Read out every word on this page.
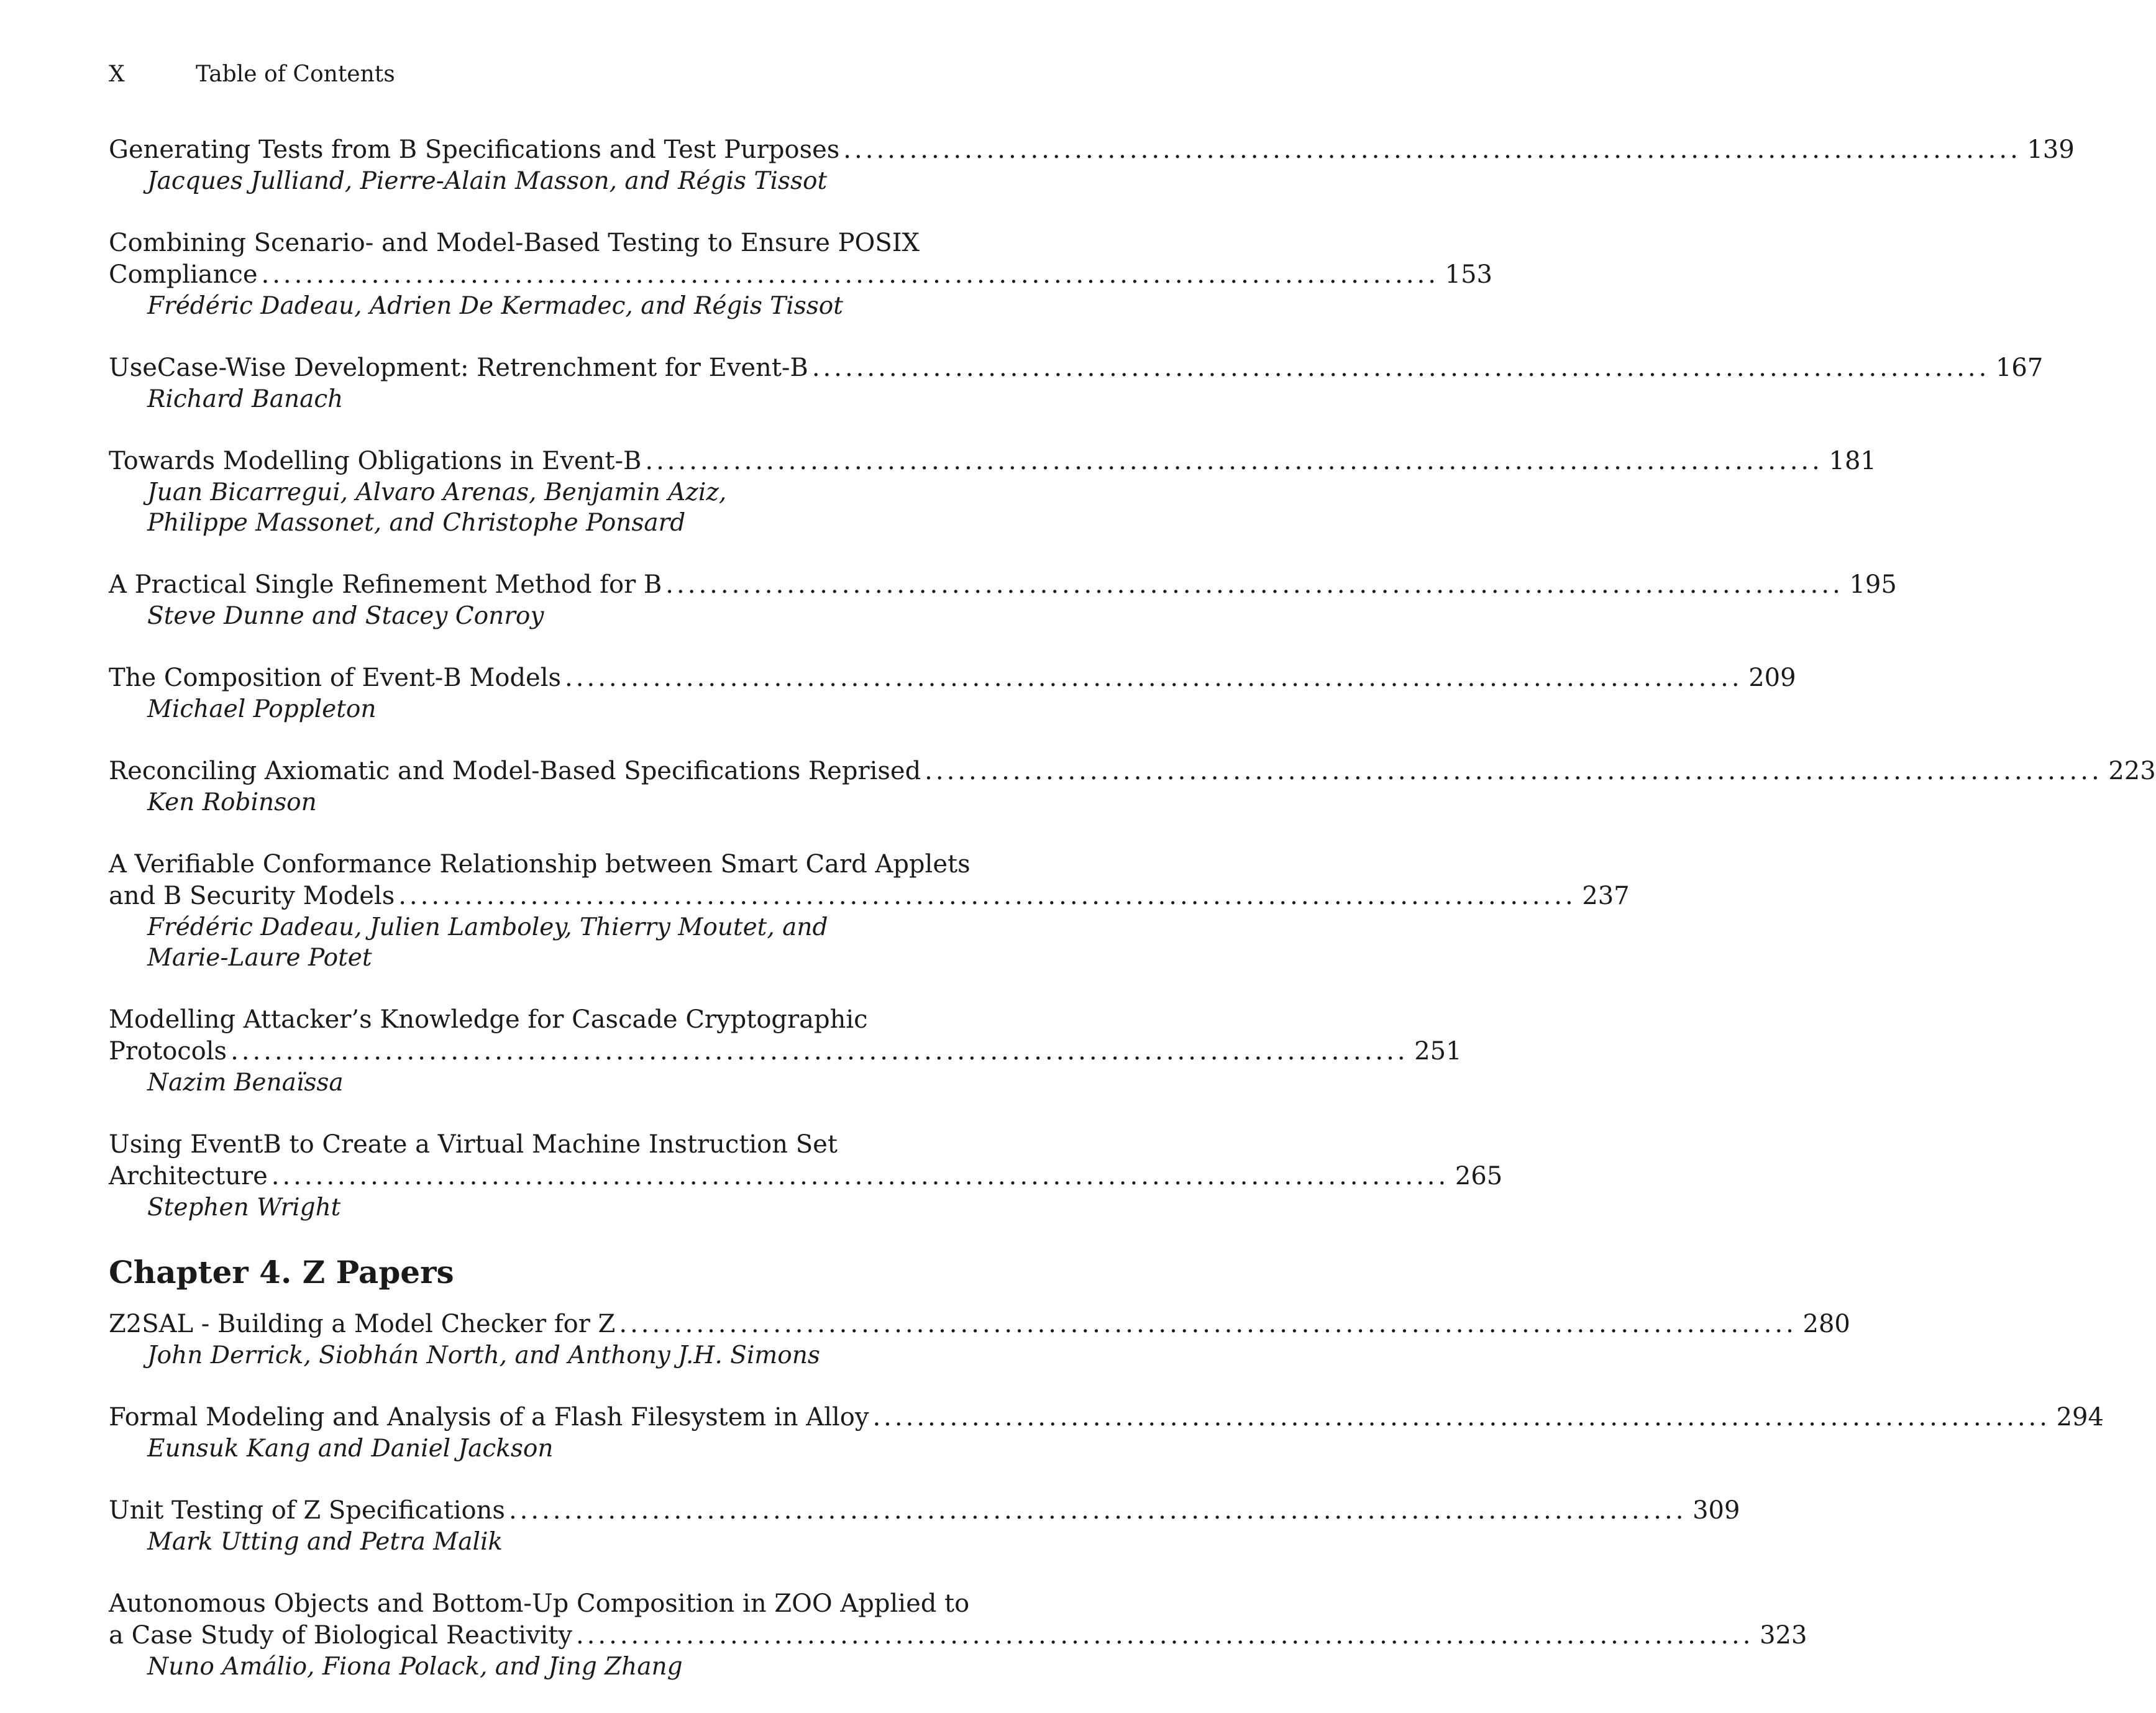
X	Table of Contents
Generating Tests from B Specifications and Test Purposes ........................................................................................................... 139
Jacques Julliand, Pierre-Alain Masson, and Régis Tissot
Combining Scenario- and Model-Based Testing to Ensure POSIX
Compliance ........................................................................................................... 153
Frédéric Dadeau, Adrien De Kermadec, and Régis Tissot
UseCase-Wise Development: Retrenchment for Event-B ........................................................................................................... 167
Richard Banach
Towards Modelling Obligations in Event-B ........................................................................................................... 181
Juan Bicarregui, Alvaro Arenas, Benjamin Aziz,
Philippe Massonet, and Christophe Ponsard
A Practical Single Refinement Method for B ........................................................................................................... 195
Steve Dunne and Stacey Conroy
The Composition of Event-B Models ........................................................................................................... 209
Michael Poppleton
Reconciling Axiomatic and Model-Based Specifications Reprised ........................................................................................................... 223
Ken Robinson
A Verifiable Conformance Relationship between Smart Card Applets
and B Security Models ........................................................................................................... 237
Frédéric Dadeau, Julien Lamboley, Thierry Moutet, and
Marie-Laure Potet
Modelling Attacker’s Knowledge for Cascade Cryptographic
Protocols ........................................................................................................... 251
Nazim Benaïssa
Using EventB to Create a Virtual Machine Instruction Set
Architecture ........................................................................................................... 265
Stephen Wright
Chapter 4. Z Papers
Z2SAL - Building a Model Checker for Z ........................................................................................................... 280
John Derrick, Siobhán North, and Anthony J.H. Simons
Formal Modeling and Analysis of a Flash Filesystem in Alloy ........................................................................................................... 294
Eunsuk Kang and Daniel Jackson
Unit Testing of Z Specifications ........................................................................................................... 309
Mark Utting and Petra Malik
Autonomous Objects and Bottom-Up Composition in ZOO Applied to
a Case Study of Biological Reactivity ........................................................................................................... 323
Nuno Amálio, Fiona Polack, and Jing Zhang
